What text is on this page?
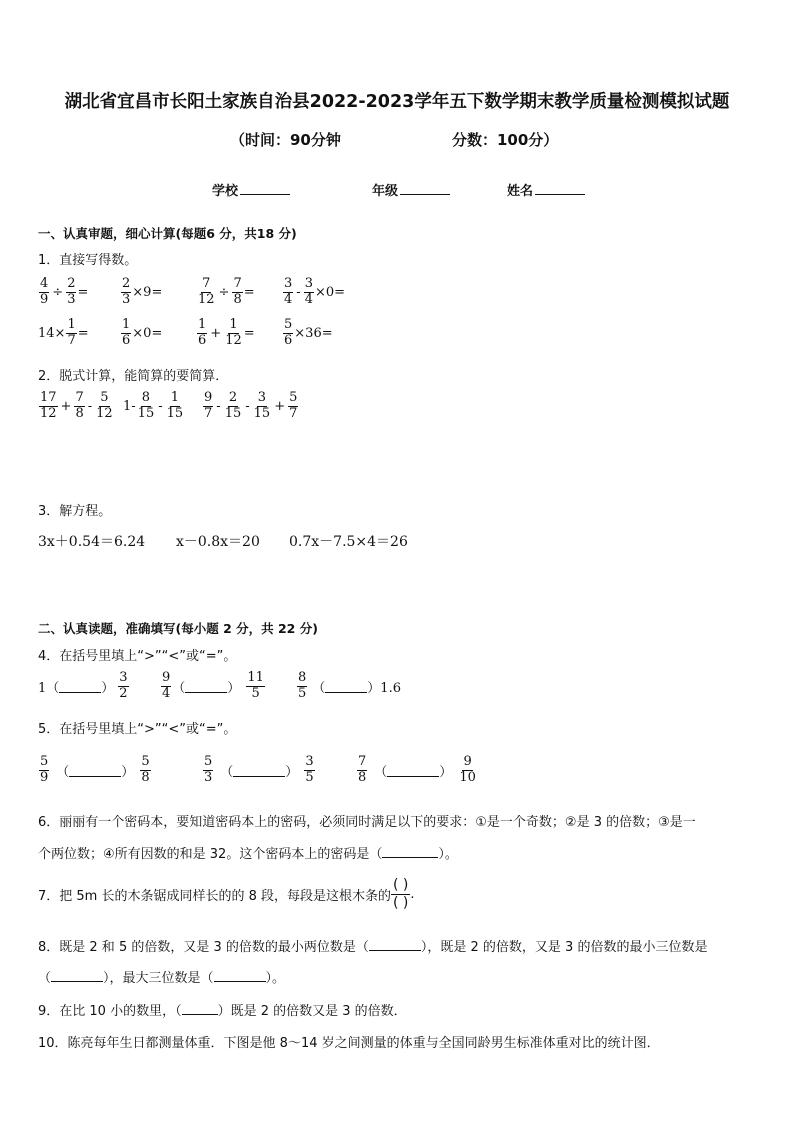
湖北省宜昌市长阳土家族自治县2022-2023学年五下数学期末教学质量检测模拟试题
（时间：90分钟	分数：100分）
学校	年级	姓名
一、认真审题，细心计算(每题6 分，共18 分)
1．直接写得数。
$\frac{4}{9} \div \frac{2}{3}$ =	$\frac{2}{3} \times 9=$	$\frac{7}{12} \div \frac{7}{8} = \frac{3}{4} - \frac{3}{4} \times 0=$
$14\times \frac{1}{7} = \frac{1}{6} \times 0=$	$\frac{1}{6} + \frac{1}{12} = \frac{5}{6} \times 36=$
2．脱式计算，能简算的要简算．
$\frac{17}{12} + \frac{7}{8} - \frac{5}{12} 1- \frac{8}{15} - \frac{1}{15} \frac{9}{7} - \frac{2}{15} - \frac{3}{15} + \frac{5}{7}$
3．解方程。
3x＋0.54＝6.24 x－0.8x＝20 0.7x－7.5×4＝26
二、认真读题，准确填写(每小题 2 分，共 22 分)
4．在括号里填上“>”“<”或“=”。
1（	） $\frac{3}{2} \frac{9}{4}$ （	） $\frac{11}{5} \frac{8}{5}$ （	）1.6
5．在括号里填上“>”“<”或“=”。
$\frac{5}{9}$ （	） $\frac{5}{8}$	$\frac{5}{3}$ （	） $\frac{3}{5}$	$\frac{7}{8}$ （	） $\frac{9}{10}$
6．丽丽有一个密码本，要知道密码本上的密码，必须同时满足以下的要求：①是一个奇数；②是 3 的倍数；③是一
个两位数；④所有因数的和是 32。这个密码本上的密码是（	）。
7．把 5m 长的木条锯成同样长的的 8 段，每段是这根木条的
( )
( )
.
8．既是 2 和 5 的倍数，又是 3 的倍数的最小两位数是（	），既是 2 的倍数，又是 3 的倍数的最小三位数是
（	），最大三位数是（	）。
9．在比 10 小的数里，（	）既是 2 的倍数又是 3 的倍数．
10．陈亮每年生日都测量体重．下图是他 8～14 岁之间测量的体重与全国同龄男生标准体重对比的统计图．
